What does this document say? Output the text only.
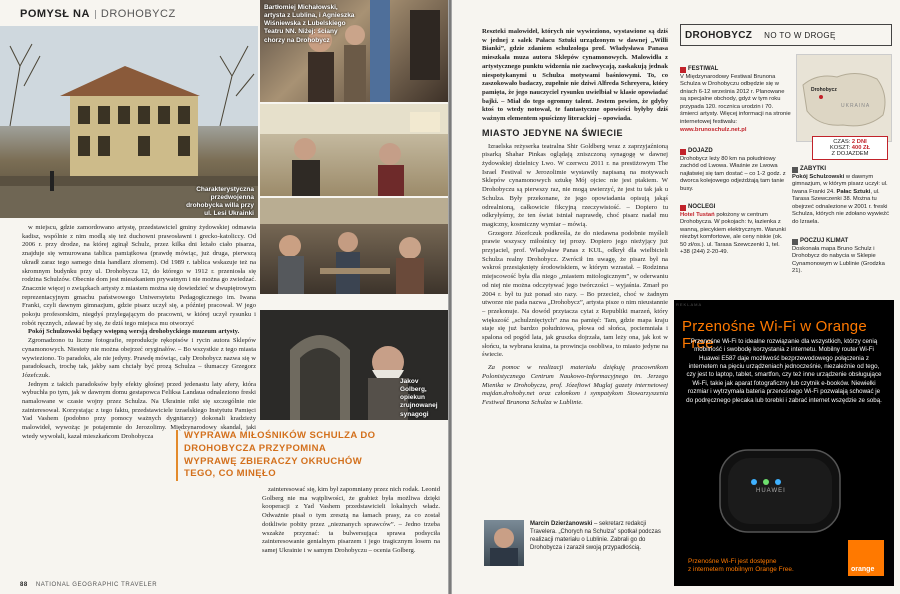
POMYSŁ NA DROHOBYCZ
Charakterystyczna przedwojenna drohobycka willa przy ul. Lesi Ukrainki
Bartłomiej Michałowski, artysta z Lublina, i Agnieszka Wiśniewska z Lubelskiego Teatru NN. Niżej: ściany chorzy na Drohobycz
Jakov Golberg, opiekun zrujnowanej synagogi

w miejscu, gdzie zamordowano artystę, przedstawiciel gminy żydowskiej odmawia kadisz, wspólnie z nim modlą się też duchowni prawosławni i grecko-katoliccy. Od 2006 r. przy drodze, na której zginął Schulz, przez kilka dni leżało ciało pisarza, znajduje się wmurowana tablica pamiątkowa (prawdę mówiąc, już druga, pierwszą ukradł zaraz tego samego dnia handlarz złomem). Od 1989 r. tablica wskazuje też na skromnym budynku przy ul. Drohobycza 12, do którego w 1912 r. przeniosła się rodzina Schulzów. Obecnie dom jest mieszkaniem prywatnym i nie można go zwiedzać. Znacznie więcej o związkach artysty z miastem można się dowiedzieć w dwupiętrowym reprezentacyjnym gmachu państwowego Uniwersytetu Pedagogicznego im. Iwana Franki, czyli dawnym gimnazjum, gdzie pisarz uczył się, a później pracował. W jego pokoju profesorskim, niegdyś przylegającym do pracowni, w której uczył rysunku i robót ręcznych, zdawać by się, że dziś tego miejsca mu otworzyć

Pokój Schulzowski będący wstępną wersją drohobyckiego muzeum artysty.

Zgromadzono tu liczne fotografie, reprodukcje rękopisów i rycin autora Sklepów cynamonowych. Niestety nie można obejrzeć oryginałów. – Bo wszystkie z tego miasta wywieziono. To paradoks, ale nie jedyny. Prawdę mówiąc, cały Drohobycz nazwa się w paradoksach, trochę tak, jakby sam chciały być prozą Schulza – tłumaczy Grzegorz Józefczuk.

Jednym z takich paradoksów były efekty głośnej przed jedenastu laty afery, która wybuchła po tym, jak w dawnym domu gestapowca Feliksa Landaua odnaleziono freski namalowane w czasie wojny przez Schulza. Na Ukrainie nikt się szczególnie nie zainteresował. Korzystając z tego faktu, przedstawiciele izraelskiego Instytutu Pamięci Yad Vashem (podobno przy pomocy ważnych dygnitarzy) dokonali kradzieży malowideł, wywożąc je potajemnie do Jerozolimy. Międzynarodowy skandal, jaki wtedy wywołali, kazał mieszkańcom Drohobycza	WYPRAWA MIŁOŚNIKÓW SCHULZA DO DROHOBYCZA PRZYPOMINA WYPRAWĘ ZBIERACZY OKRUCHÓW TEGO, CO MINĘŁO

zainteresować się, kim był zapomniany przez nich rodak. Leonid Golberg nie ma wątpliwości, że grabież była możliwa dzięki kooperacji z Yad Vashem przedstawicieli lokalnych władz. Odważnie pisał o tym zresztą na łamach prasy, za co został dotkliwie pobity przez „nieznanych sprawców”. – Jedno trzeba wszakże przyznać: ta bulwersująca sprawa podsyciła zainteresowanie genialnym pisarzem i jego tragicznym losem na samej Ukrainie i w samym Drohobyczu – ocenia Golberg.

88 NATIONAL GEOGRAPHIC TRAVELER

Reszteki malowideł, których nie wywieziono, wystawione są dziś w jednej z salek Pałacu Sztuki urządzonym w dawnej „Willi Bianki”, gdzie zdaniem schulzologa prof. Władysława Panasa mieszkała muza autora Sklepów cynamonowych. Malowidła z artystycznego punktu widzenia nie zachwycają, zaskakują jednak niespotykanymi u Schulza motywami baśniowymi. To, co zaszokowało badaczy, zupełnie nie dziwi Alfreda Schreyera, który pamięta, że jego nauczyciel rysunku uwielbiał w klasie opowiadać bajki. – Miał do tego ogromny talent. Jestem pewien, że gdyby ktoś to wtedy notował, te fantastyczne opowieści byłyby dziś ważnym elementem spuścizny literackiej – opowiada.

MIASTO JEDYNE NA ŚWIECIE

Izraelska reżyserka teatralna Shir Goldberg wraz z zaprzyjaźnioną pisarką Shahar Pinkas oglądają zniszczoną synagogę w dawnej żydowskiej dzielnicy Lwo. W czerwcu 2011 r. na prestiżowym The Israel Festival w Jerozolimie wystawiły napisaną na motywach Sklepów cynamonowych sztukę Mój ojciec nie jest ptakiem. W Drohobyczu są pierwszy raz, nie mogą uwierzyć, że jest tu tak jak u Schulza. Były przekonane, że jego opowiadania opisują jakąś odrealnioną, całkowicie fikcyjną rzeczywistość. – Dopiero tu odkryłyśmy, że ten świat istniał naprawdę, choć pisarz nadał mu magiczny, kosmiczny wymiar – mówią.

Grzegorz Józefczuk podkreśla, że do niedawna podobnie myśleli prawie wszyscy miłośnicy tej prozy. Dopiero jego nieżyjący już przyjaciel, prof. Władysław Panas z KUL, odkrył dla wielbicieli Schulza realny Drohobycz. Zwrócił im uwagę, że pisarz był na wskroś przesiąknięty środowiskiem, w którym wzrastał. – Rodzinna miejscowość była dla niego „miastem mitologicznym”, w oderwaniu od niej nie można odczytywać jego twórczości – wyjaśnia. Zmarł po 2004 r. był tu już ponad sto razy. – Bo przecież, choć w żadnym utworze nie pada nazwa „Drohobycz”, artysta pisze o nim nieustannie – przekonuje. Na dowód przytacza cytat z Republiki marzeń, który większość „schulznięctych” zna na pamięć: Tam, gdzie mapa kraju staje się już bardzo południowa, płowa od słońca, pociemniała i spalona od pogód lata, jak gruszka dojrzała, tam leży ona, jak kot w słońcu, ta wybrana kraina, ta prowincja osobliwa, to miasto jedyne na świecie.

Za pomoc w realizacji materiału dziękuję pracownikom Polonistycznego Centrum Naukowo-Informacyjnego im. Jerzego Mienika w Drohobyczu, prof. Józefiowi Muglaj gazety internetowej majdan.drohoby.net oraz członkom i sympatykom Stowarzyszenia Festiwal Brunona Schulza w Lublinie.

Marcin Dzierżanowski – sekretarz redakcji Travelera. „Chorych na Schulza” spotkał podczas realizacji materiału o Lublinie. Zabrali go do Drohobycza i zaraził swoją przypadłością.
DROHOBYCZ NO TO W DROGĘ
Drohobycz
UKRAINA
CZAS: 2 DNI
KOSZT: 400 ZŁ
Z DOJAZDEM
FESTIWAL
V Międzynarodowy Festiwal Brunona Schulza w Drohobyczu odbędzie się w dniach 6-12 września 2012 r. Planowane są specjalne obchody, gdyż w tym roku przypada 120. rocznica urodzin i 70. śmierci artysty. Więcej informacji na stronie internetowej festiwalu:
www.brunoschulz.net.pl
DOJAZD
Drohobycz leży 80 km na południowy zachód od Lwowa. Właśnie ze Lwowa najłatwiej się tam dostać – co 1-2 godz. z dworca kolejowego odjeżdżają tam tanie busy.
NOCLEGI
Hotel Tustań położony w centrum Drohobycza. W pokojach: tv, łazienka z wanną, piecykiem elektrycznym. Warunki niezbyt komfortowe, ale ceny niskie (ok. 50 zł/os.). ul. Tarasa Szewczenki 1, tel. +38 (244) 2-20-49.
ZABYTKI
Pokój Schulzowski w dawnym gimnazjum, w którym pisarz uczył: ul. Iwana Franki 24. Pałac Sztuki, ul. Tarasa Szewczenki 38. Można tu obejrzeć odnalezione w 2001 r. freski Schulza, których nie zdołano wywieźć do Izraela.
POCZUJ KLIMAT
Doskonała mapa Bruno Schulz i Drohobycz do nabycia w Sklepie Cynamonowym w Lublinie (Grodzka 21).
REKLAMA
Przenośne Wi-Fi w Orange Free
Przenośne Wi-Fi to idealne rozwiązanie dla wszystkich, którzy cenią mobilność i swobodę korzystania z internetu. Mobilny router Wi-Fi Huawei E587 daje możliwość bezprzewodowego połączenia z internetem na pięciu urządzeniach jednocześnie, niezależnie od tego, czy jest to laptop, tablet, smartfon, czy też inne urządzenie obsługujące Wi-Fi, takie jak aparat fotograficzny lub czytnik e-booków. Niewielki rozmiar i wytrzymała bateria przenośnego Wi-Fi pozwalają schować je do podręcznego plecaka lub torebki i zabrać internet wszędzie ze sobą.
HUAWEI
Przenośne Wi-Fi jest dostępne
z internetem mobilnym Orange Free.	orange
